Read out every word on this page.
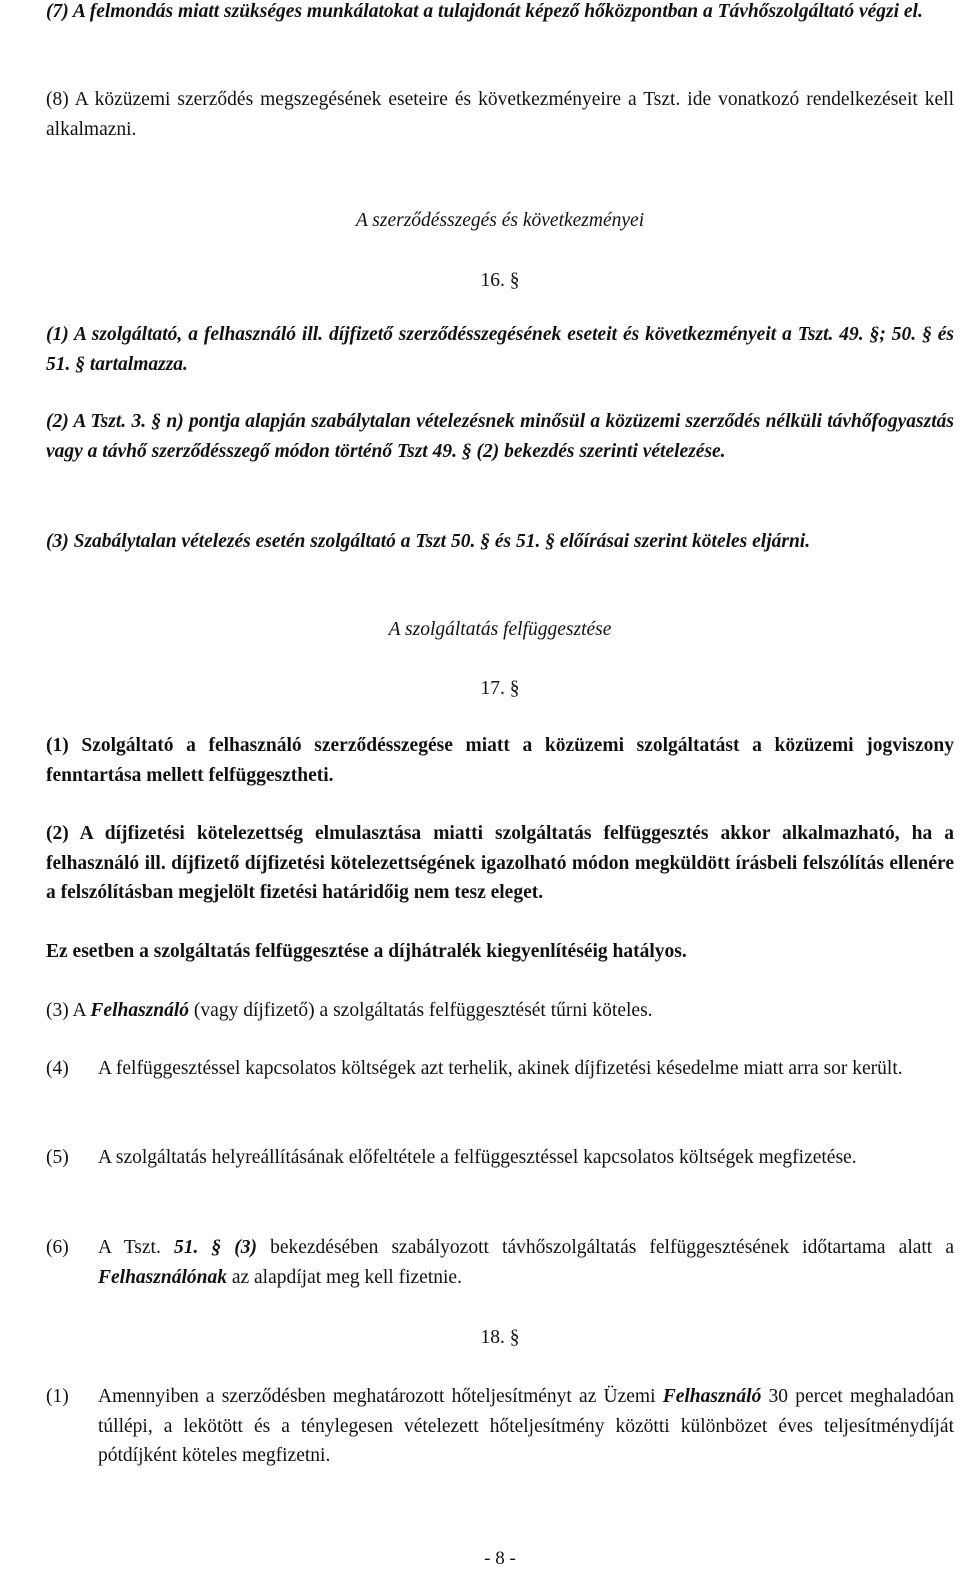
(7) A felmondás miatt szükséges munkálatokat a tulajdonát képező hőközpontban a Távhőszolgáltató végzi el.

(8) A közüzemi szerződés megszegésének eseteire és következményeire a Tszt. ide vonatkozó rendelkezéseit kell alkalmazni.

A szerződésszegés és következményei

16. §

(1) A szolgáltató, a felhasználó ill. díjfizető szerződésszegésének eseteit és következményeit a Tszt. 49. §; 50. § és 51. § tartalmazza.

(2) A Tszt. 3. § n) pontja alapján szabálytalan vételezésnek minősül a közüzemi szerződés nélküli távhőfogyasztás vagy a távhő szerződésszegő módon történő Tszt 49. § (2) bekezdés szerinti vételezése.

(3) Szabálytalan vételezés esetén szolgáltató a Tszt 50. § és 51. § előírásai szerint köteles eljárni.

A szolgáltatás felfüggesztése

17. §

(1) Szolgáltató a felhasználó szerződésszegése miatt a közüzemi szolgáltatást a közüzemi jogviszony fenntartása mellett felfüggesztheti.

(2) A díjfizetési kötelezettség elmulasztása miatti szolgáltatás felfüggesztés akkor alkalmazható, ha a felhasználó ill. díjfizető díjfizetési kötelezettségének igazolható módon megküldött írásbeli felszólítás ellenére a felszólításban megjelölt fizetési határidőig nem tesz eleget.

Ez esetben a szolgáltatás felfüggesztése a díjhátralék kiegyenlítéséig hatályos.

(3) A Felhasználó (vagy díjfizető) a szolgáltatás felfüggesztését tűrni köteles.

(4)	A felfüggesztéssel kapcsolatos költségek azt terhelik, akinek díjfizetési késedelme miatt arra sor került.
(5)	A szolgáltatás helyreállításának előfeltétele a felfüggesztéssel kapcsolatos költségek megfizetése.
(6)	A Tszt. 51. § (3) bekezdésében szabályozott távhőszolgáltatás felfüggesztésének időtartama alatt a Felhasználónak az alapdíjat meg kell fizetnie.

18. §

(1)	Amennyiben a szerződésben meghatározott hőteljesítményt az Üzemi Felhasználó 30 percet meghaladóan túllépi, a lekötött és a ténylegesen vételezett hőteljesítmény közötti különbözet éves teljesítménydíját pótdíjként köteles megfizetni.
- 8 -
